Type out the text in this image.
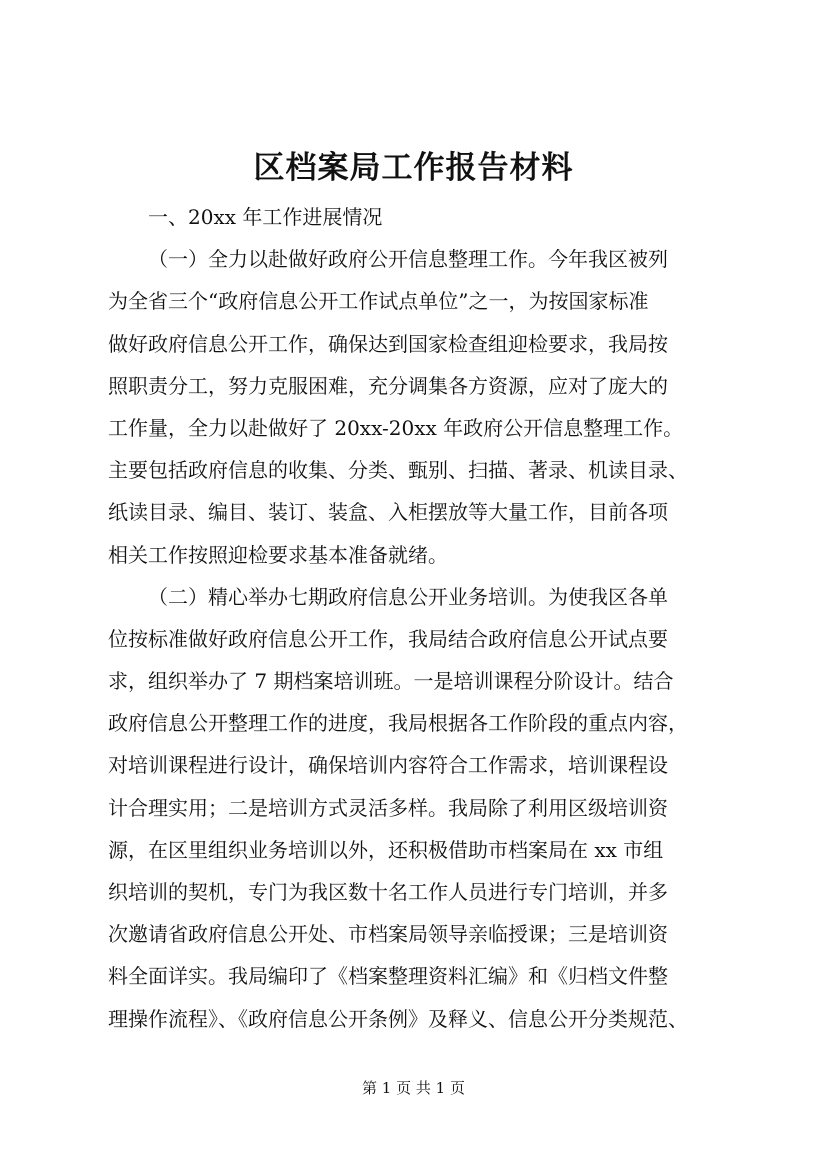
区档案局工作报告材料
一、20xx 年工作进展情况
（一）全力以赴做好政府公开信息整理工作。今年我区被列
为全省三个“政府信息公开工作试点单位”之一，为按国家标准
做好政府信息公开工作，确保达到国家检查组迎检要求，我局按
照职责分工，努力克服困难，充分调集各方资源，应对了庞大的
工作量，全力以赴做好了 20xx-20xx 年政府公开信息整理工作。
主要包括政府信息的收集、分类、甄别、扫描、著录、机读目录、
纸读目录、编目、装订、装盒、入柜摆放等大量工作，目前各项
相关工作按照迎检要求基本准备就绪。
（二）精心举办七期政府信息公开业务培训。为使我区各单
位按标准做好政府信息公开工作，我局结合政府信息公开试点要
求，组织举办了 7 期档案培训班。一是培训课程分阶设计。结合
政府信息公开整理工作的进度，我局根据各工作阶段的重点内容，
对培训课程进行设计，确保培训内容符合工作需求，培训课程设
计合理实用；二是培训方式灵活多样。我局除了利用区级培训资
源，在区里组织业务培训以外，还积极借助市档案局在 xx 市组
织培训的契机，专门为我区数十名工作人员进行专门培训，并多
次邀请省政府信息公开处、市档案局领导亲临授课；三是培训资
料全面详实。我局编印了《档案整理资料汇编》和《归档文件整
理操作流程》、《政府信息公开条例》及释义、信息公开分类规范、
第 1 页 共 1 页
